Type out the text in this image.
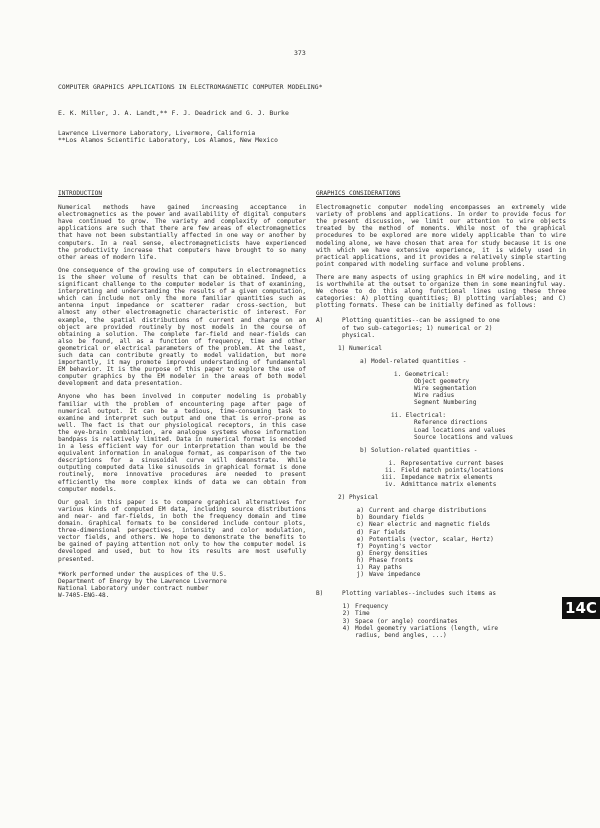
373
COMPUTER GRAPHICS APPLICATIONS IN ELECTROMAGNETIC COMPUTER MODELING*
E. K. Miller, J. A. Landt,** F. J. Deadrick and G. J. Burke
Lawrence Livermore Laboratory, Livermore, California
**Los Alamos Scientific Laboratory, Los Alamos, New Mexico
INTRODUCTION

Numerical methods have gained increasing acceptance in electromagnetics as the power and availability of digital computers have continued to grow. The variety and complexity of computer applications are such that there are few areas of electromagnetics that have not been substantially affected in one way or another by computers. In a real sense, electromagneticists have experienced the productivity increase that computers have brought to so many other areas of modern life.

One consequence of the growing use of computers in electromagnetics is the sheer volume of results that can be obtained. Indeed, a significant challenge to the computer modeler is that of examining, interpreting and understanding the results of a given computation, which can include not only the more familiar quantities such as antenna input impedance or scatterer radar cross-section, but almost any other electromagnetic characteristic of interest. For example, the spatial distributions of current and charge on an object are provided routinely by most models in the course of obtaining a solution. The complete far-field and near-fields can also be found, all as a function of frequency, time and other geometrical or electrical parameters of the problem. At the least, such data can contribute greatly to model validation, but more importantly, it may promote improved understanding of fundamental EM behavior. It is the purpose of this paper to explore the use of computer graphics by the EM modeler in the areas of both model development and data presentation.

Anyone who has been involved in computer modeling is probably familiar with the problem of encountering page after page of numerical output. It can be a tedious, time-consuming task to examine and interpret such output and one that is error-prone as well. The fact is that our physiological receptors, in this case the eye-brain combination, are analogue systems whose information bandpass is relatively limited. Data in numerical format is encoded in a less efficient way for our interpretation than would be the equivalent information in analogue format, as comparison of the two descriptions for a sinusoidal curve will demonstrate. While outputing computed data like sinusoids in graphical format is done routinely, more innovative procedures are needed to present efficiently the more complex kinds of data we can obtain from computer models.

Our goal in this paper is to compare graphical alternatives for various kinds of computed EM data, including source distributions and near- and far-fields, in both the frequency domain and time domain. Graphical formats to be considered include contour plots, three-dimensional perspectives, intensity and color modulation, vector fields, and others. We hope to demonstrate the benefits to be gained of paying attention not only to how the computer model is developed and used, but to how its results are most usefully presented.

*Work performed under the auspices of the U.S.
Department of Energy by the Lawrence Livermore
National Laboratory under contract number
W-7405-ENG-48.
GRAPHICS CONSIDERATIONS

Electromagnetic computer modeling encompasses an extremely wide variety of problems and applications. In order to provide focus for the present discussion, we limit our attention to wire objects treated by the method of moments. While most of the graphical procedures to be explored are more widely applicable than to wire modeling alone, we have chosen that area for study because it is one with which we have extensive experience, it is widely used in practical applications, and it provides a relatively simple starting point compared with modeling surface and volume problems.

There are many aspects of using graphics in EM wire modeling, and it is worthwhile at the outset to organize them in some meaningful way. We chose to do this along functional lines using these three categories: A) plotting quantities; B) plotting variables; and C) plotting formats. These can be initially defined as follows:

A)	Plotting quantities--can be assigned to one
of two sub-categories; 1) numerical or 2)
physical.
1) Numerical
a) Model-related quantities -
i. Geometrical:
Object geometry
Wire segmentation
Wire radius
Segment Numbering
ii. Electrical:
Reference directions
Load locations and values
Source locations and values
b) Solution-related quantities -
i. Representative current bases
ii. Field match points/locations
iii. Impedance matrix elements
iv. Admittance matrix elements
2) Physical
a) Current and charge distributions
b) Boundary fields
c) Near electric and magnetic fields
d) Far fields
e) Potentials (vector, scalar, Hertz)
f) Poynting's vector
g) Energy densities
h) Phase fronts
i) Ray paths
j) Wave impedance
B)	Plotting variables--includes such items as
1) Frequency
2) Time
3) Space (or angle) coordinates
4) Model geometry variations (length, wire
radius, bend angles, ...)
14C
